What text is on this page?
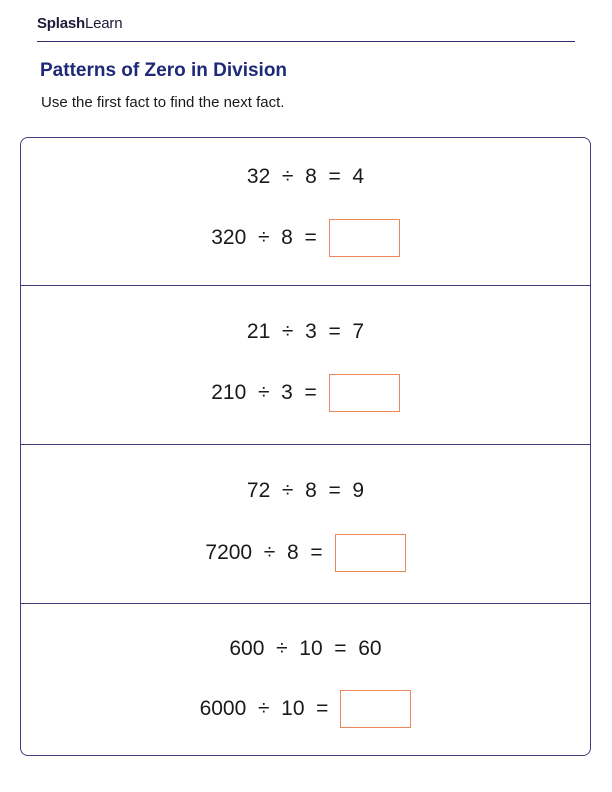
SplashLearn
Patterns of Zero in Division
Use the first fact to find the next fact.
32  ÷  8  =  4
320  ÷  8  =
21  ÷  3  =  7
210  ÷  3  =
72  ÷  8  =  9
7200  ÷  8  =
600  ÷  10  =  60
6000  ÷  10  =
